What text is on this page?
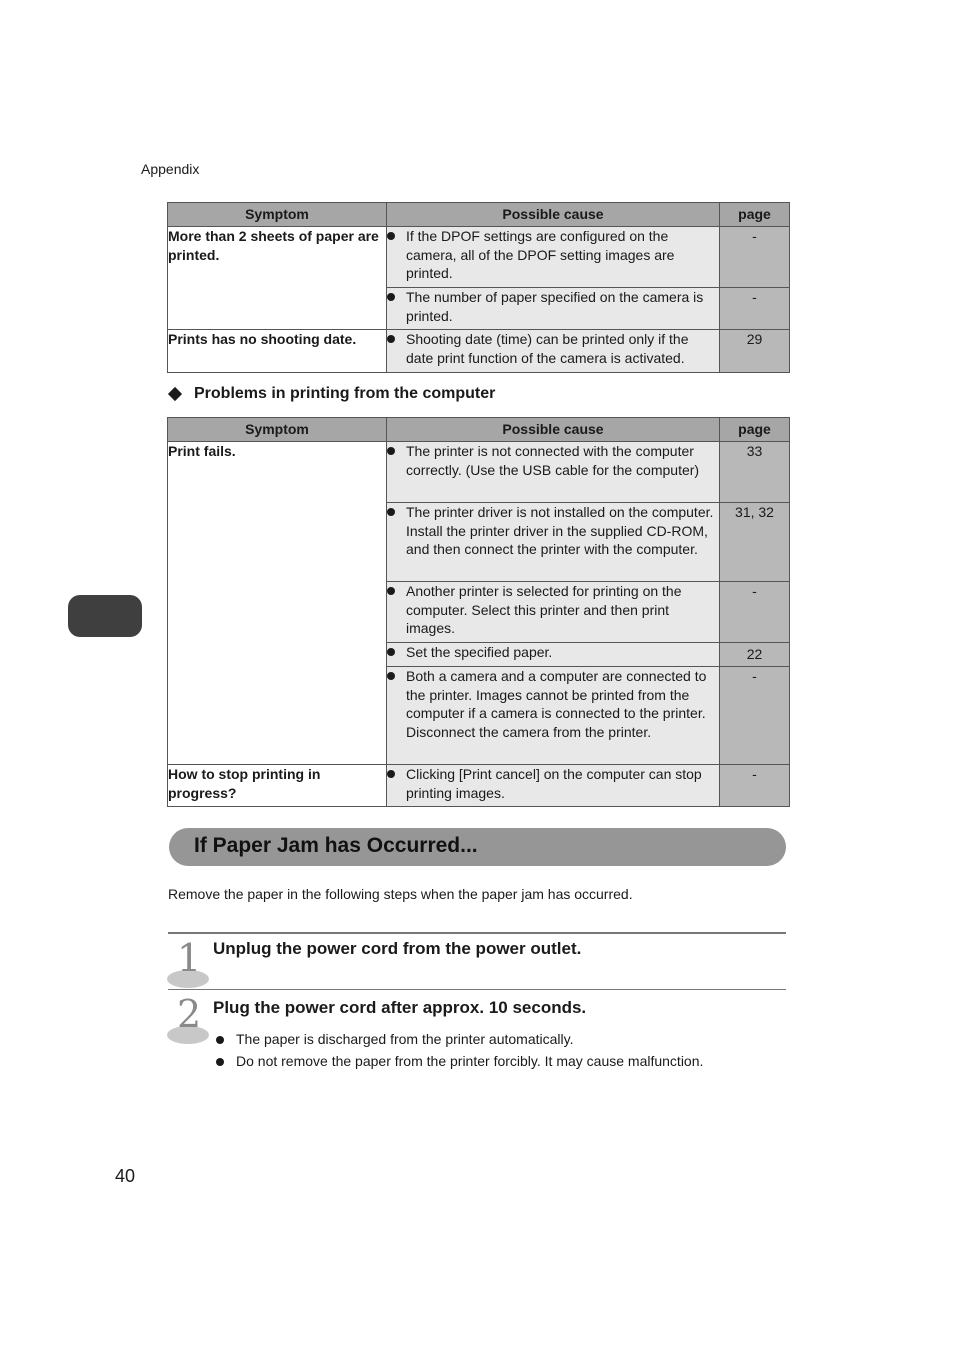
Appendix
Symptom	Possible cause	page
More than 2 sheets of paper are printed.	If the DPOF settings are configured on the camera, all of the DPOF setting images are printed.	-

	The number of paper specified on the camera is printed.	-
Prints has no shooting date.	Shooting date (time) can be printed only if the date print function of the camera is activated.	29
Problems in printing from the computer
Symptom	Possible cause	page
Print fails.	The printer is not connected with the computer correctly. (Use the USB cable for the computer)	33

	The printer driver is not installed on the computer. Install the printer driver in the supplied CD-ROM, and then connect the printer with the computer.	31, 32

	Another printer is selected for printing on the computer. Select this printer and then print images.	-

	Set the specified paper.	22

	Both a camera and a computer are connected to the printer. Images cannot be printed from the computer if a camera is connected to the printer. Disconnect the camera from the printer.	-
How to stop printing in progress?	Clicking [Print cancel] on the computer can stop printing images.	-
If Paper Jam has Occurred...
Remove the paper in the following steps when the paper jam has occurred.
1 Unplug the power cord from the power outlet.
2 Plug the power cord after approx. 10 seconds.
The paper is discharged from the printer automatically.
Do not remove the paper from the printer forcibly. It may cause malfunction.
40
